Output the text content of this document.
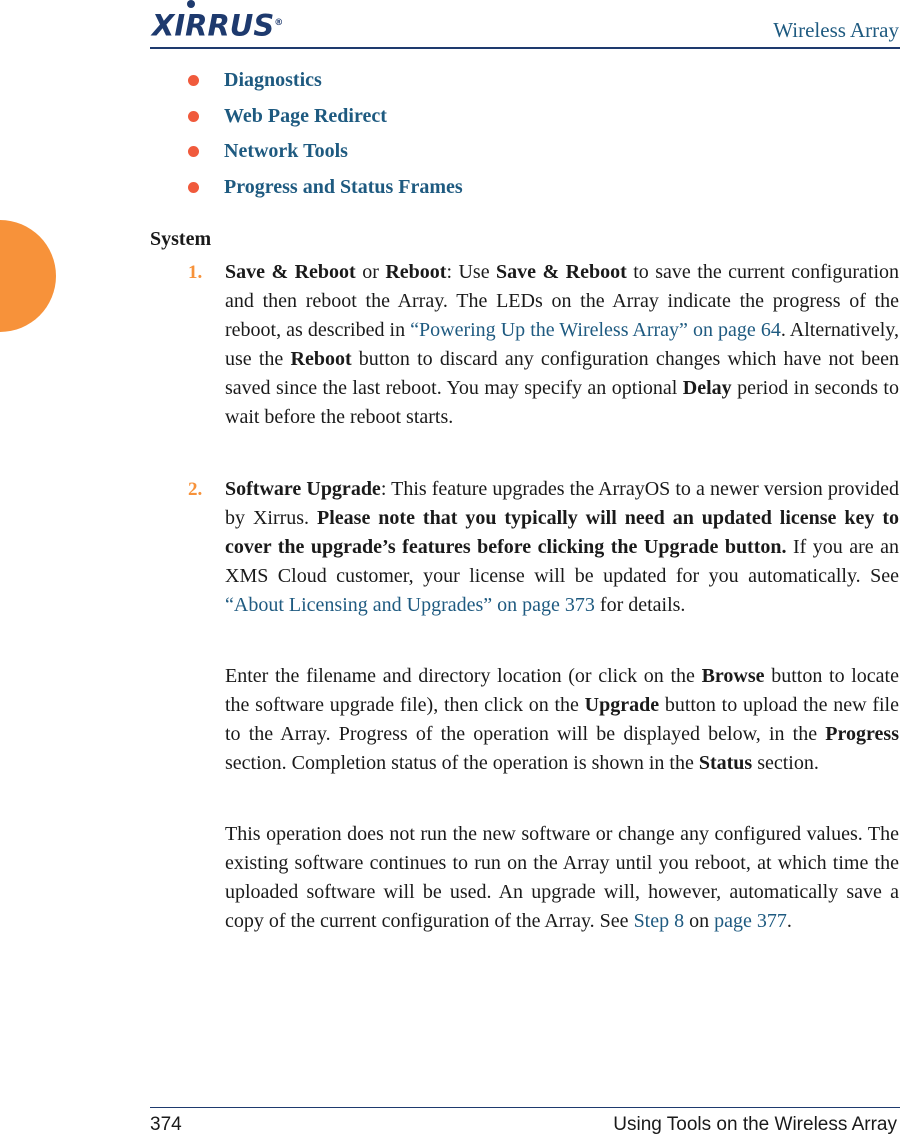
XIRRUS®	Wireless Array
Diagnostics
Web Page Redirect
Network Tools
Progress and Status Frames
System
1. Save & Reboot or Reboot: Use Save & Reboot to save the current configuration and then reboot the Array. The LEDs on the Array indicate the progress of the reboot, as described in “Powering Up the Wireless Array” on page 64. Alternatively, use the Reboot button to discard any configuration changes which have not been saved since the last reboot. You may specify an optional Delay period in seconds to wait before the reboot starts.

2. Software Upgrade: This feature upgrades the ArrayOS to a newer version provided by Xirrus. Please note that you typically will need an updated license key to cover the upgrade’s features before clicking the Upgrade button. If you are an XMS Cloud customer, your license will be updated for you automatically. See “About Licensing and Upgrades” on page 373 for details.

Enter the filename and directory location (or click on the Browse button to locate the software upgrade file), then click on the Upgrade button to upload the new file to the Array. Progress of the operation will be displayed below, in the Progress section. Completion status of the operation is shown in the Status section.

This operation does not run the new software or change any configured values. The existing software continues to run on the Array until you reboot, at which time the uploaded software will be used. An upgrade will, however, automatically save a copy of the current configuration of the Array. See Step 8 on page 377.

374	Using Tools on the Wireless Array
